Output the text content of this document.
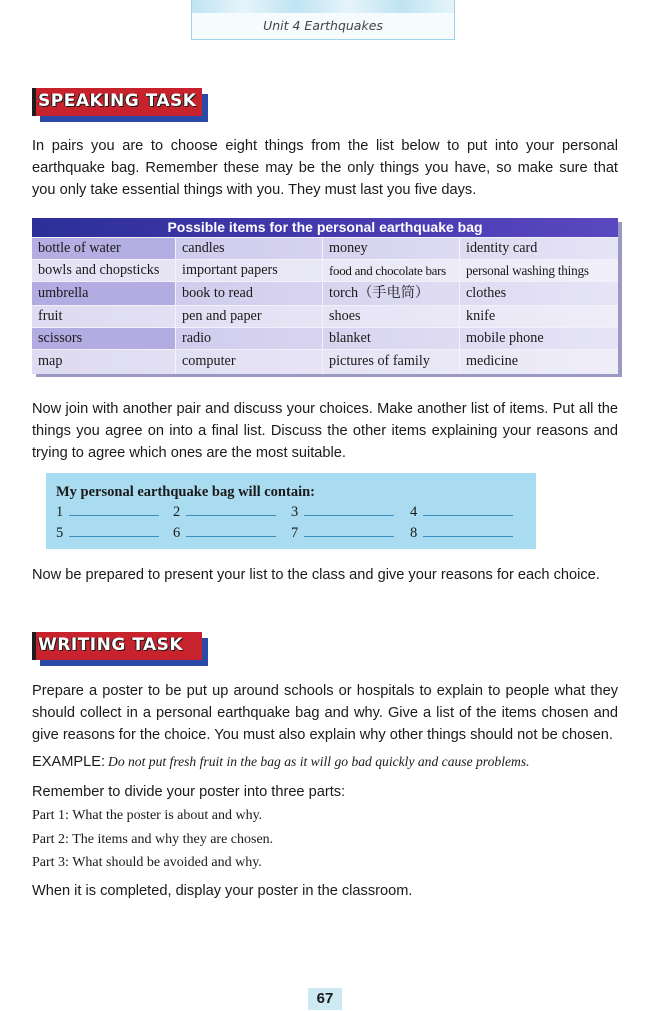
Unit 4 Earthquakes
SPEAKING TASK

In pairs you are to choose eight things from the list below to put into your personal earthquake bag. Remember these may be the only things you have, so make sure that you only take essential things with you. They must last you five days.

Possible items for the personal earthquake bag
bottle of water	candles	money	identity card
bowls and chopsticks	important papers	food and chocolate bars	personal washing things
umbrella	book to read	torch（手电筒）	clothes
fruit	pen and paper	shoes	knife
scissors	radio	blanket	mobile phone
map	computer	pictures of family	medicine

Now join with another pair and discuss your choices. Make another list of items. Put all the things you agree on into a final list. Discuss the other items explaining your reasons and trying to agree which ones are the most suitable.

My personal earthquake bag will contain:
1	2	3	4
5	6	7	8

Now be prepared to present your list to the class and give your reasons for each choice.

WRITING TASK

Prepare a poster to be put up around schools or hospitals to explain to people what they should collect in a personal earthquake bag and why. Give a list of the items chosen and give reasons for the choice. You must also explain why other things should not be chosen.

EXAMPLE: Do not put fresh fruit in the bag as it will go bad quickly and cause problems.

Remember to divide your poster into three parts:

Part 1: What the poster is about and why.
Part 2: The items and why they are chosen.
Part 3: What should be avoided and why.

When it is completed, display your poster in the classroom.

67
